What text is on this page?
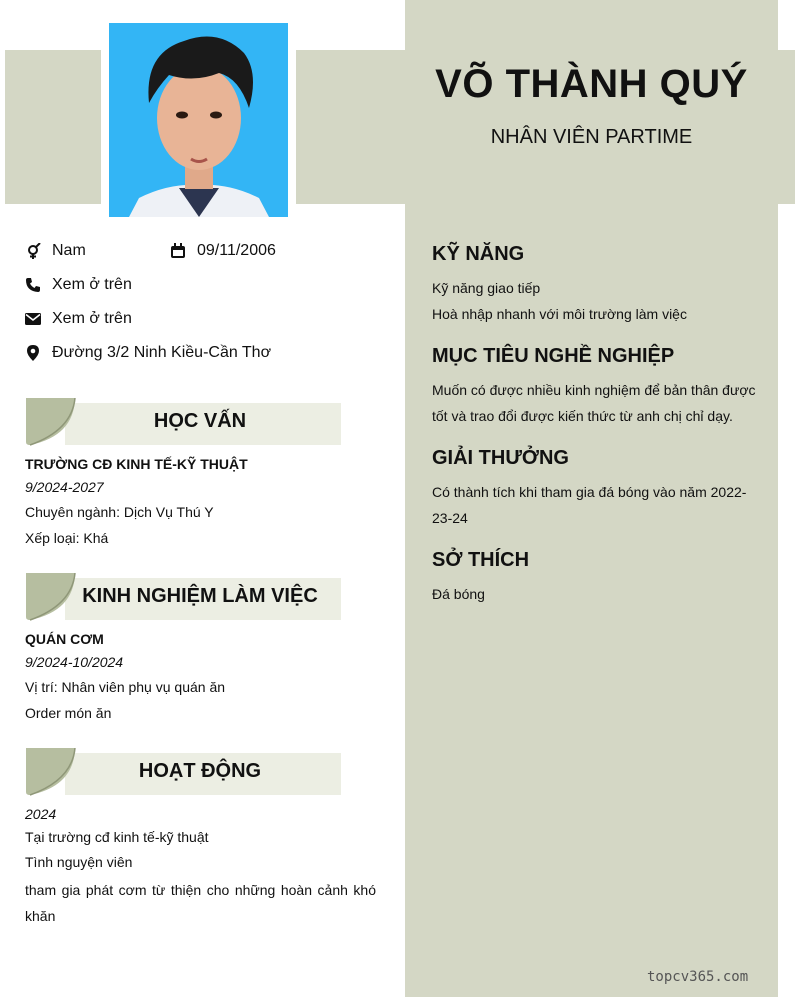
VÕ THÀNH QUÝ
NHÂN VIÊN PARTIME
Nam	09/11/2006
Xem ở trên
Xem ở trên
Đường 3/2 Ninh Kiều-Cần Thơ
HỌC VẤN
TRƯỜNG CĐ KINH TẾ-KỸ THUẬT
9/2024-2027
Chuyên ngành: Dịch Vụ Thú Y
Xếp loại: Khá
KINH NGHIỆM LÀM VIỆC
QUÁN CƠM
9/2024-10/2024
Vị trí: Nhân viên phụ vụ quán ăn
Order món ăn
HOẠT ĐỘNG
2024
Tại trường cđ kinh tế-kỹ thuật
Tình nguyện viên
tham gia phát cơm từ thiện cho những hoàn cảnh khó khăn
KỸ NĂNG
Kỹ năng giao tiếp
Hoà nhập nhanh với môi trường làm việc
MỤC TIÊU NGHỀ NGHIỆP
Muốn có được nhiều kinh nghiệm để bản thân được tốt và trao đổi được kiến thức từ anh chị chỉ dạy.
GIẢI THƯỞNG
Có thành tích khi tham gia đá bóng vào năm 2022-23-24
SỞ THÍCH
Đá bóng
topcv365.com
